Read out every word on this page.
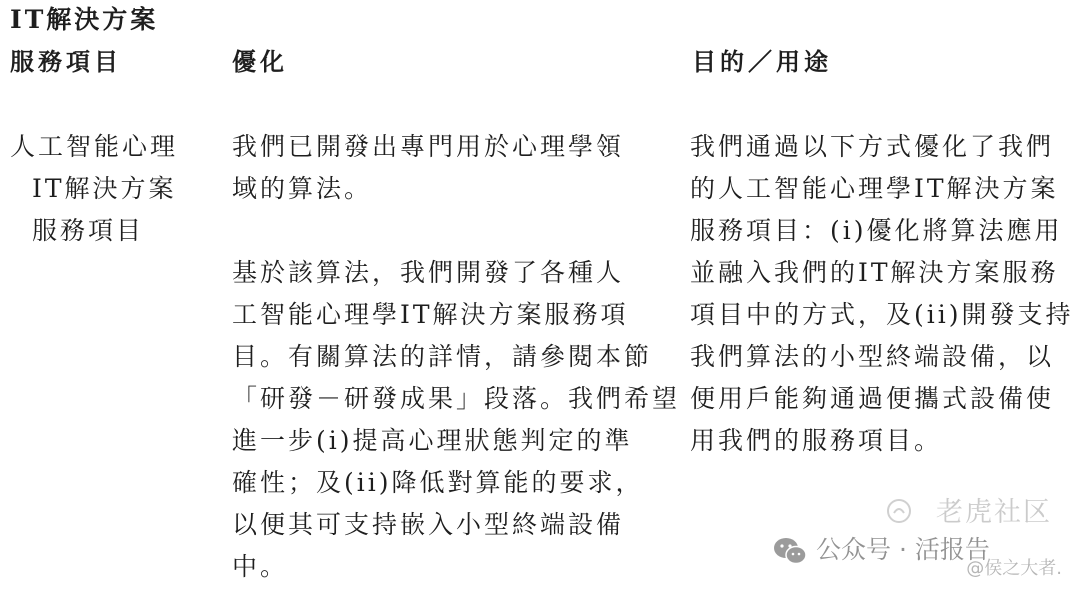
IT解決方案
服務項目	優化	目的／用途
人工智能心理
IT解決方案
服務項目
我們已開發出專門用於心理學領
域的算法。
基於該算法，我們開發了各種人
工智能心理學IT解決方案服務項
目。有關算法的詳情，請參閱本節
「研發－研發成果」段落。我們希望
進一步(i)提高心理狀態判定的準
確性；及(ii)降低對算能的要求，
以便其可支持嵌入小型終端設備
中。
我們通過以下方式優化了我們
的人工智能心理學IT解決方案
服務項目：(i)優化將算法應用
並融入我們的IT解決方案服務
項目中的方式，及(ii)開發支持
我們算法的小型終端設備，以
便用戶能夠通過便攜式設備使
用我們的服務項目。
老虎社区
公众号 · 活报告
@侯之大者.
